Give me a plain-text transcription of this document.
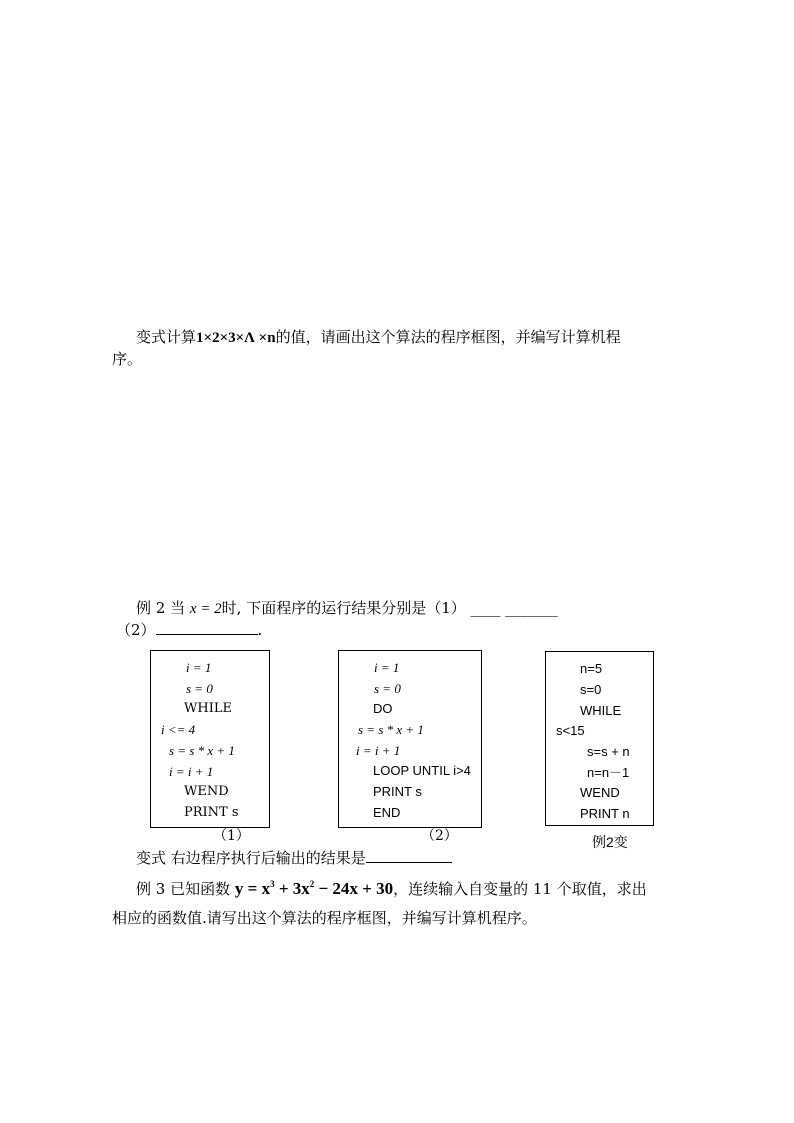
变式计算1×2×3×Λ ×n的值，请画出这个算法的程序框图，并编写计算机程
序。
例 2 当 x = 2时, 下面程序的运行结果分别是（1） ____ _______
（2）	.
i = 1
s = 0
WHILE
i <= 4
s = s * x + 1
i = i + 1
WEND
PRINT s
（1）
i = 1
s = 0
DO
s = s * x + 1
i = i + 1
LOOP UNTIL i>4
PRINT s
END
（2）
n=5
s=0
WHILE
s<15
s=s + n
n=n－1
WEND
PRINT n
例2变
变式 右边程序执行后输出的结果是
例 3 已知函数 $y = x^3 + 3x^2 - 24x + 30$，连续输入自变量的 11 个取值，求出
相应的函数值.请写出这个算法的程序框图，并编写计算机程序。
